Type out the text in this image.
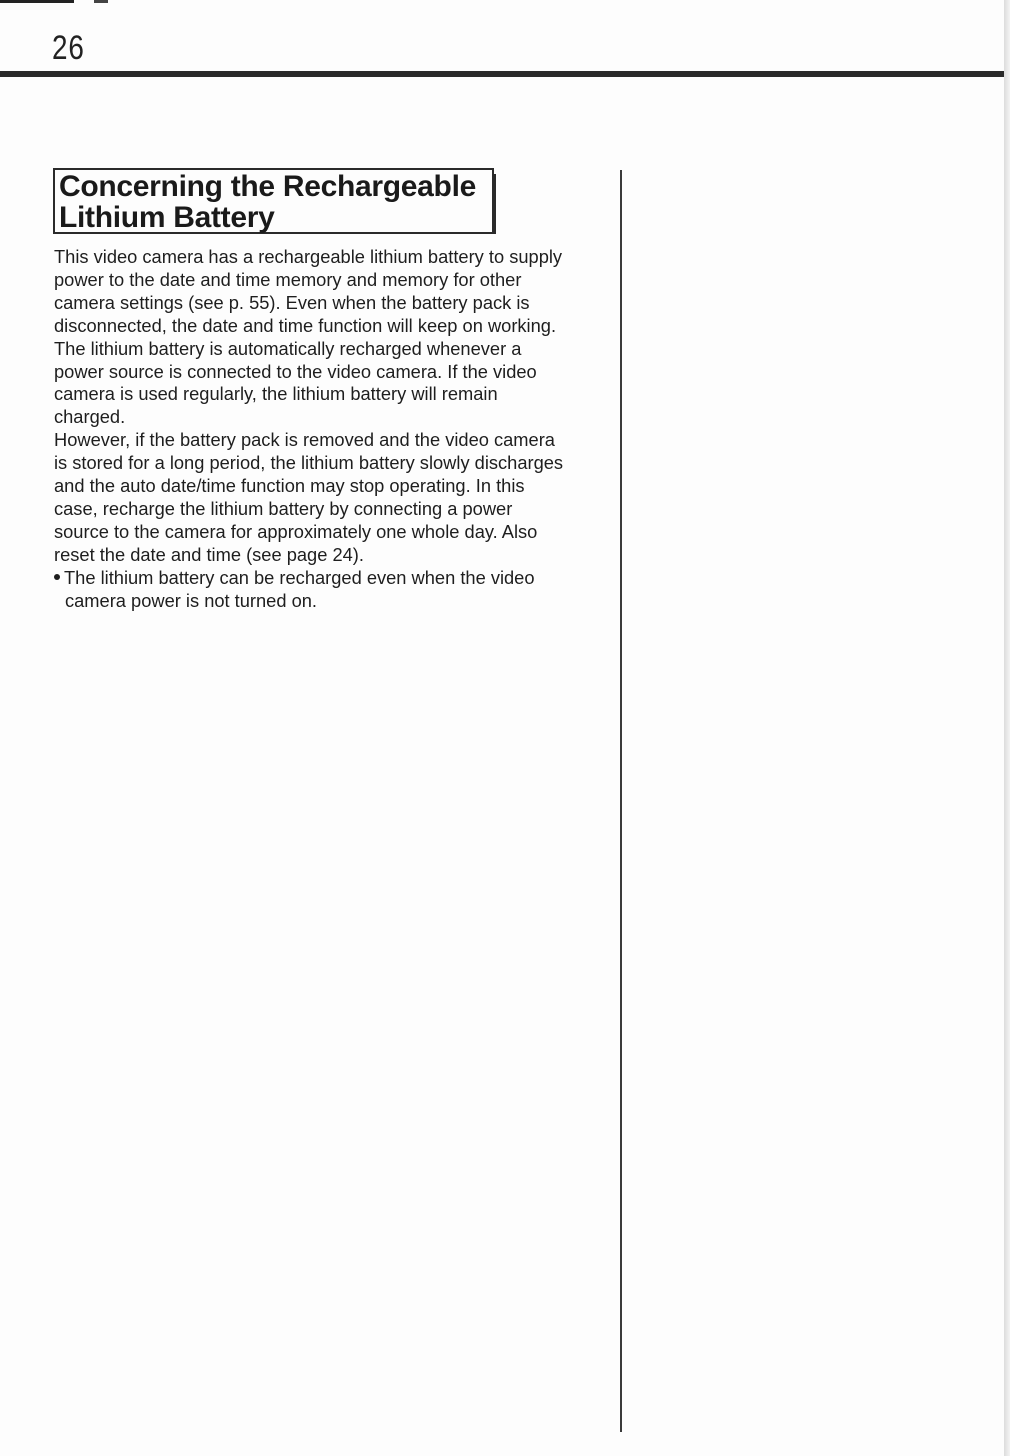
26
Concerning the Rechargeable
Lithium Battery
This video camera has a rechargeable lithium battery to supply
power to the date and time memory and memory for other
camera settings (see p. 55). Even when the battery pack is
disconnected, the date and time function will keep on working.
The lithium battery is automatically recharged whenever a
power source is connected to the video camera. If the video
camera is used regularly, the lithium battery will remain
charged.
However, if the battery pack is removed and the video camera
is stored for a long period, the lithium battery slowly discharges
and the auto date/time function may stop operating. In this
case, recharge the lithium battery by connecting a power
source to the camera for approximately one whole day. Also
reset the date and time (see page 24).
The lithium battery can be recharged even when the video
camera power is not turned on.
